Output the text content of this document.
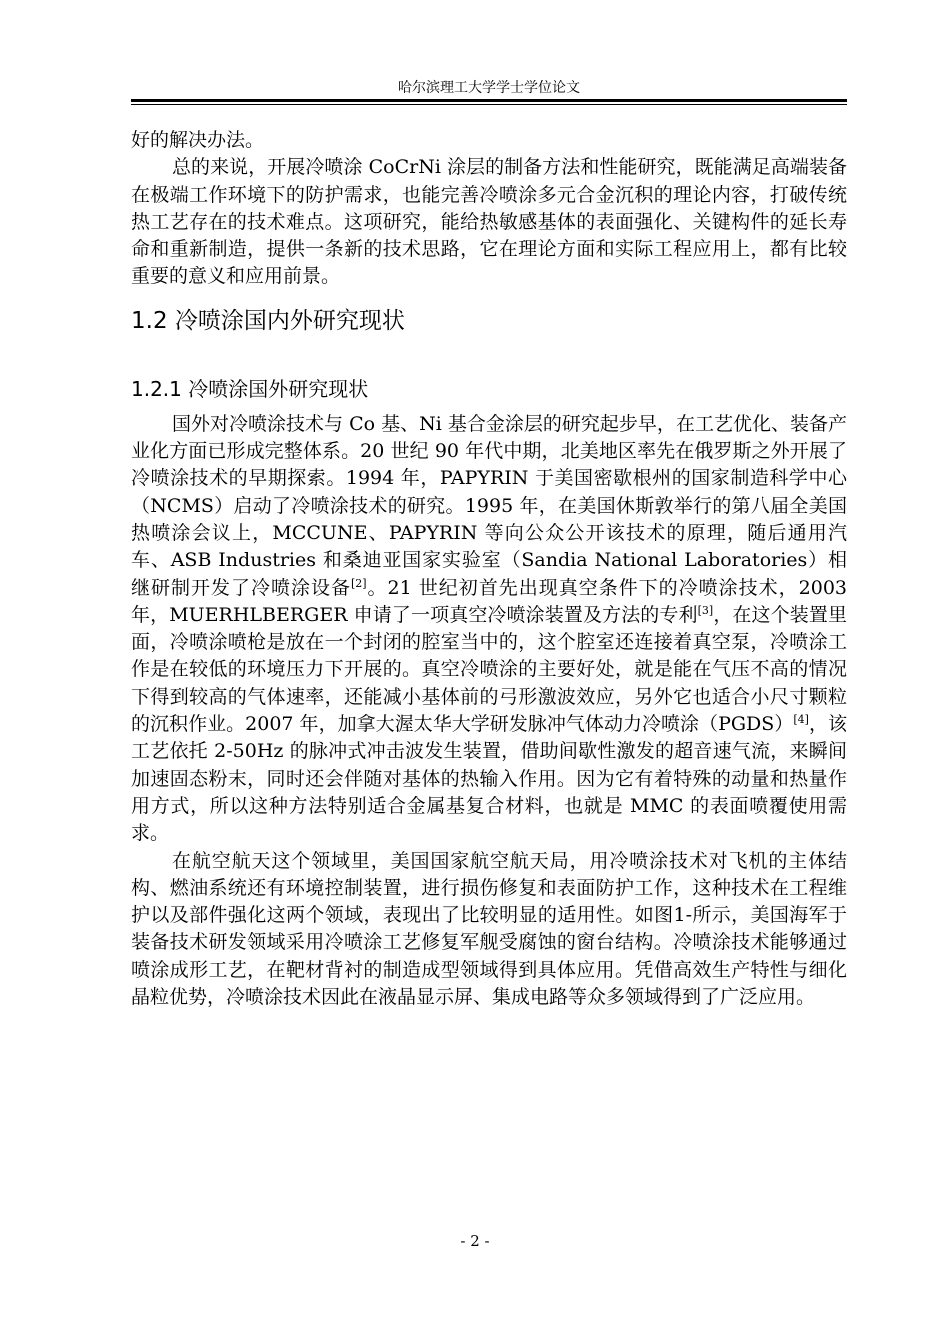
哈尔滨理工大学学士学位论文

好的解决办法。

总的来说，开展冷喷涂 CoCrNi 涂层的制备方法和性能研究，既能满足高端装备在极端工作环境下的防护需求，也能完善冷喷涂多元合金沉积的理论内容，打破传统热工艺存在的技术难点。这项研究，能给热敏感基体的表面强化、关键构件的延长寿命和重新制造，提供一条新的技术思路，它在理论方面和实际工程应用上，都有比较重要的意义和应用前景。

1.2 冷喷涂国内外研究现状
1.2.1 冷喷涂国外研究现状

国外对冷喷涂技术与 Co 基、Ni 基合金涂层的研究起步早，在工艺优化、装备产业化方面已形成完整体系。20 世纪 90 年代中期，北美地区率先在俄罗斯之外开展了冷喷涂技术的早期探索。1994 年，PAPYRIN 于美国密歇根州的国家制造科学中心（NCMS）启动了冷喷涂技术的研究。1995 年，在美国休斯敦举行的第八届全美国热喷涂会议上，MCCUNE、PAPYRIN 等向公众公开该技术的原理，随后通用汽车、ASB Industries 和桑迪亚国家实验室（Sandia National Laboratories）相继研制开发了冷喷涂设备[2]。21 世纪初首先出现真空条件下的冷喷涂技术，2003 年，MUERHLBERGER 申请了一项真空冷喷涂装置及方法的专利[3]，在这个装置里面，冷喷涂喷枪是放在一个封闭的腔室当中的，这个腔室还连接着真空泵，冷喷涂工作是在较低的环境压力下开展的。真空冷喷涂的主要好处，就是能在气压不高的情况下得到较高的气体速率，还能减小基体前的弓形激波效应，另外它也适合小尺寸颗粒的沉积作业。2007 年，加拿大渥太华大学研发脉冲气体动力冷喷涂（PGDS）[4]，该工艺依托 2-50Hz 的脉冲式冲击波发生装置，借助间歇性激发的超音速气流，来瞬间加速固态粉末，同时还会伴随对基体的热输入作用。因为它有着特殊的动量和热量作用方式，所以这种方法特别适合金属基复合材料，也就是 MMC 的表面喷覆使用需求。

在航空航天这个领域里，美国国家航空航天局，用冷喷涂技术对飞机的主体结构、燃油系统还有环境控制装置，进行损伤修复和表面防护工作，这种技术在工程维护以及部件强化这两个领域，表现出了比较明显的适用性。如图1-所示，美国海军于装备技术研发领域采用冷喷涂工艺修复军舰受腐蚀的窗台结构。冷喷涂技术能够通过喷涂成形工艺，在靶材背衬的制造成型领域得到具体应用。凭借高效生产特性与细化晶粒优势，冷喷涂技术因此在液晶显示屏、集成电路等众多领域得到了广泛应用。

- 2 -
